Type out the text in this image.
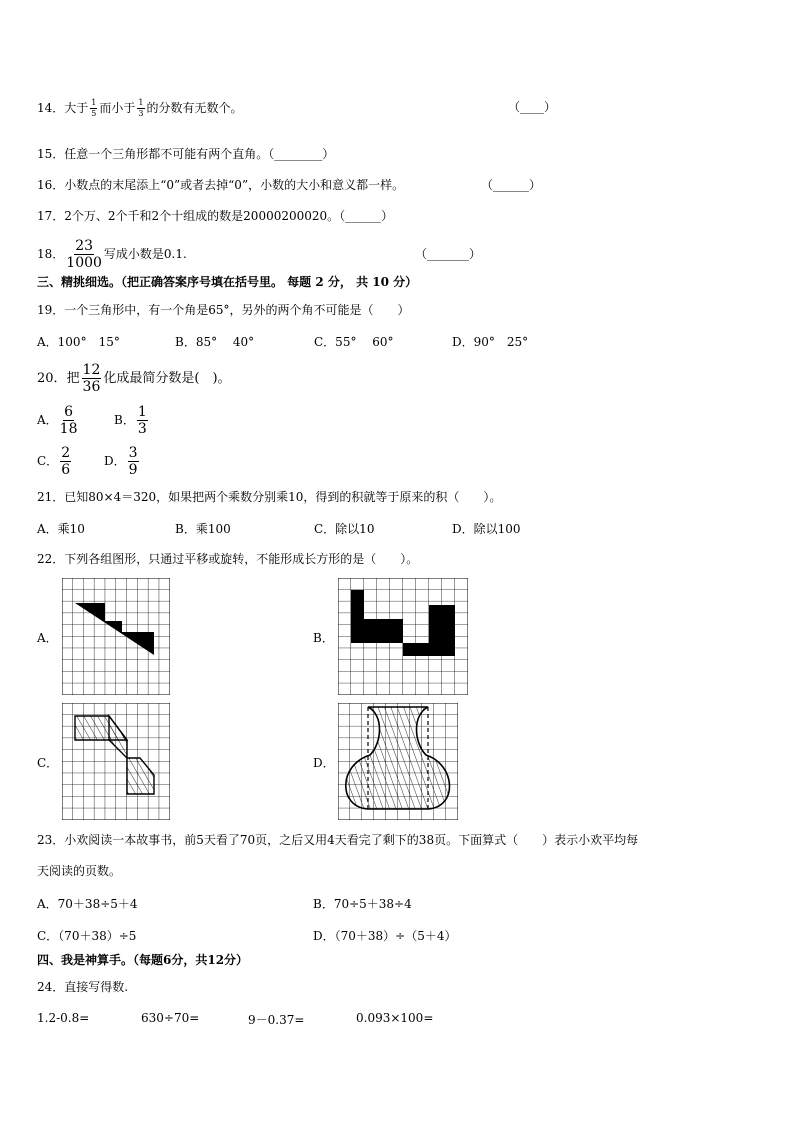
14．大于 $\frac{1}{5}$ 而小于 $\frac{1}{3}$ 的分数有无数个。	（____）
15．任意一个三角形都不可能有两个直角。（________）
16．小数点的末尾添上“0”或者去掉“0”，小数的大小和意义都一样。	（______）
17．2个万、2个千和2个十组成的数是20000200020。（______）
18． $\frac{23}{1000}$ 写成小数是0.1.	（_______）
三、精挑细选。（把正确答案序号填在括号里。 每题 2 分， 共 10 分）
19．一个三角形中，有一个角是65°，另外的两个角不可能是（　　）
A．100°　15°	B．85°　 40°	C．55°　 60°	D．90°　25°
20．把 $\frac{12}{36}$ 化成最简分数是(　)。
A． $\frac{6}{18}$	B． $\frac{1}{3}$
C． $\frac{2}{6}$	D． $\frac{3}{9}$
21．已知80×4＝320，如果把两个乘数分别乘10，得到的积就等于原来的积（　　）。
A．乘10	B．乘100	C．除以10	D．除以100
22．下列各组图形，只通过平移或旋转，不能形成长方形的是（　　）。
A．	B．
C．	D．
23．小欢阅读一本故事书，前5天看了70页，之后又用4天看完了剩下的38页。下面算式（　　）表示小欢平均每
天阅读的页数。
A．70＋38÷5＋4	B．70÷5＋38÷4
C．（70＋38）÷5	D．（70＋38）÷（5＋4）
四、我是神算手。（每题6分，共12分）
24．直接写得数.
1.2-0.8=	630÷70=	9－0.37=	0.093×100=
